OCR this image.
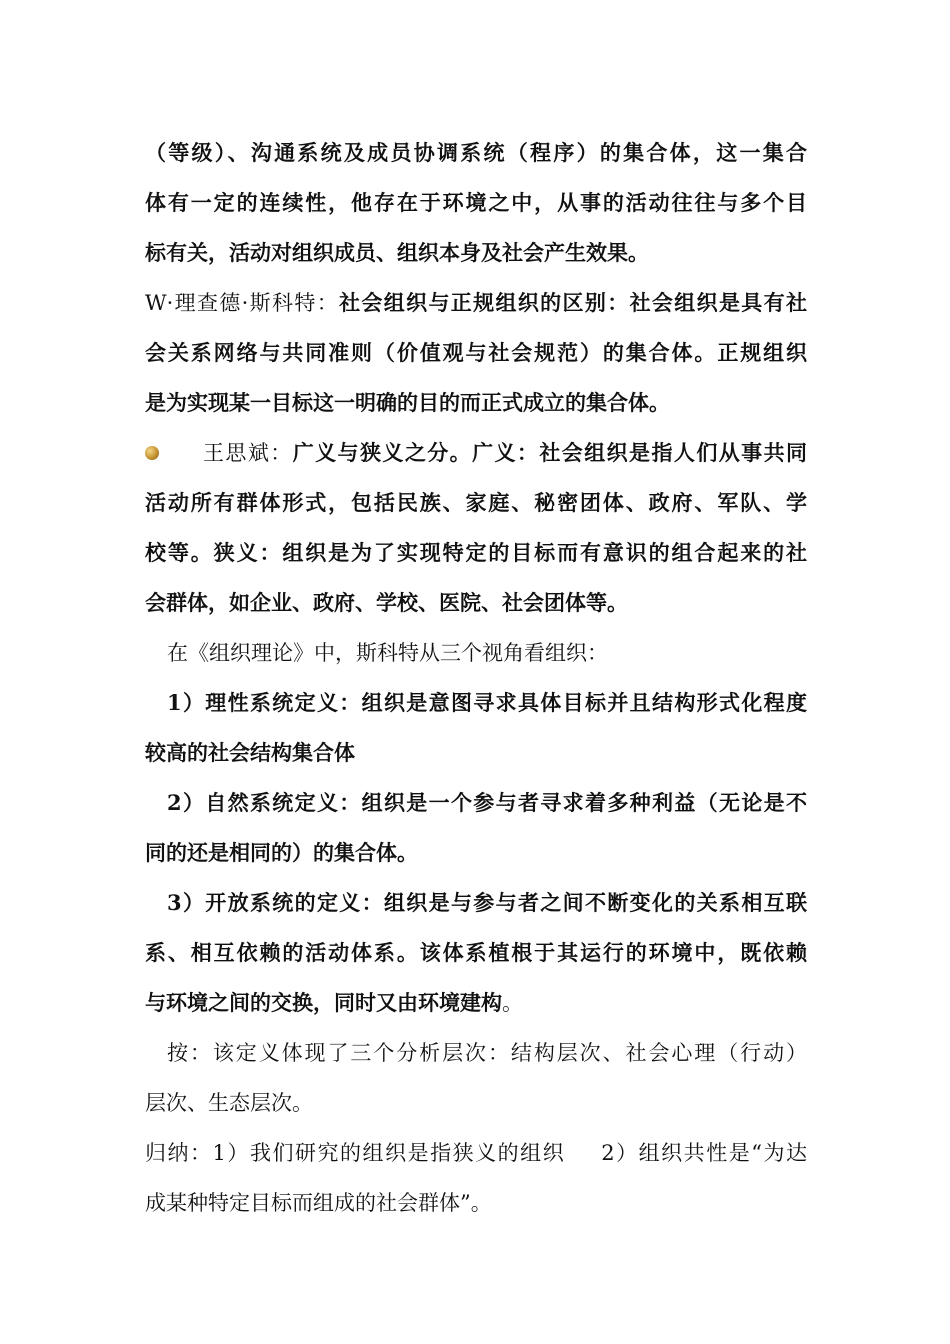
（等级）、沟通系统及成员协调系统（程序）的集合体，这一集合
体有一定的连续性，他存在于环境之中，从事的活动往往与多个目
标有关，活动对组织成员、组织本身及社会产生效果。
W·理查德·斯科特：社会组织与正规组织的区别：社会组织是具有社
会关系网络与共同准则（价值观与社会规范）的集合体。正规组织
是为实现某一目标这一明确的目的而正式成立的集合体。
王思斌：广义与狭义之分。广义：社会组织是指人们从事共同
活动所有群体形式，包括民族、家庭、秘密团体、政府、军队、学
校等。狭义：组织是为了实现特定的目标而有意识的组合起来的社
会群体，如企业、政府、学校、医院、社会团体等。
在《组织理论》中，斯科特从三个视角看组织：
1）理性系统定义：组织是意图寻求具体目标并且结构形式化程度
较高的社会结构集合体
2）自然系统定义：组织是一个参与者寻求着多种利益（无论是不
同的还是相同的）的集合体。
3）开放系统的定义：组织是与参与者之间不断变化的关系相互联
系、相互依赖的活动体系。该体系植根于其运行的环境中，既依赖
与环境之间的交换，同时又由环境建构。
按：该定义体现了三个分析层次：结构层次、社会心理（行动）
层次、生态层次。
归纳：1）我们研究的组织是指狭义的组织 2）组织共性是“为达
成某种特定目标而组成的社会群体”。
